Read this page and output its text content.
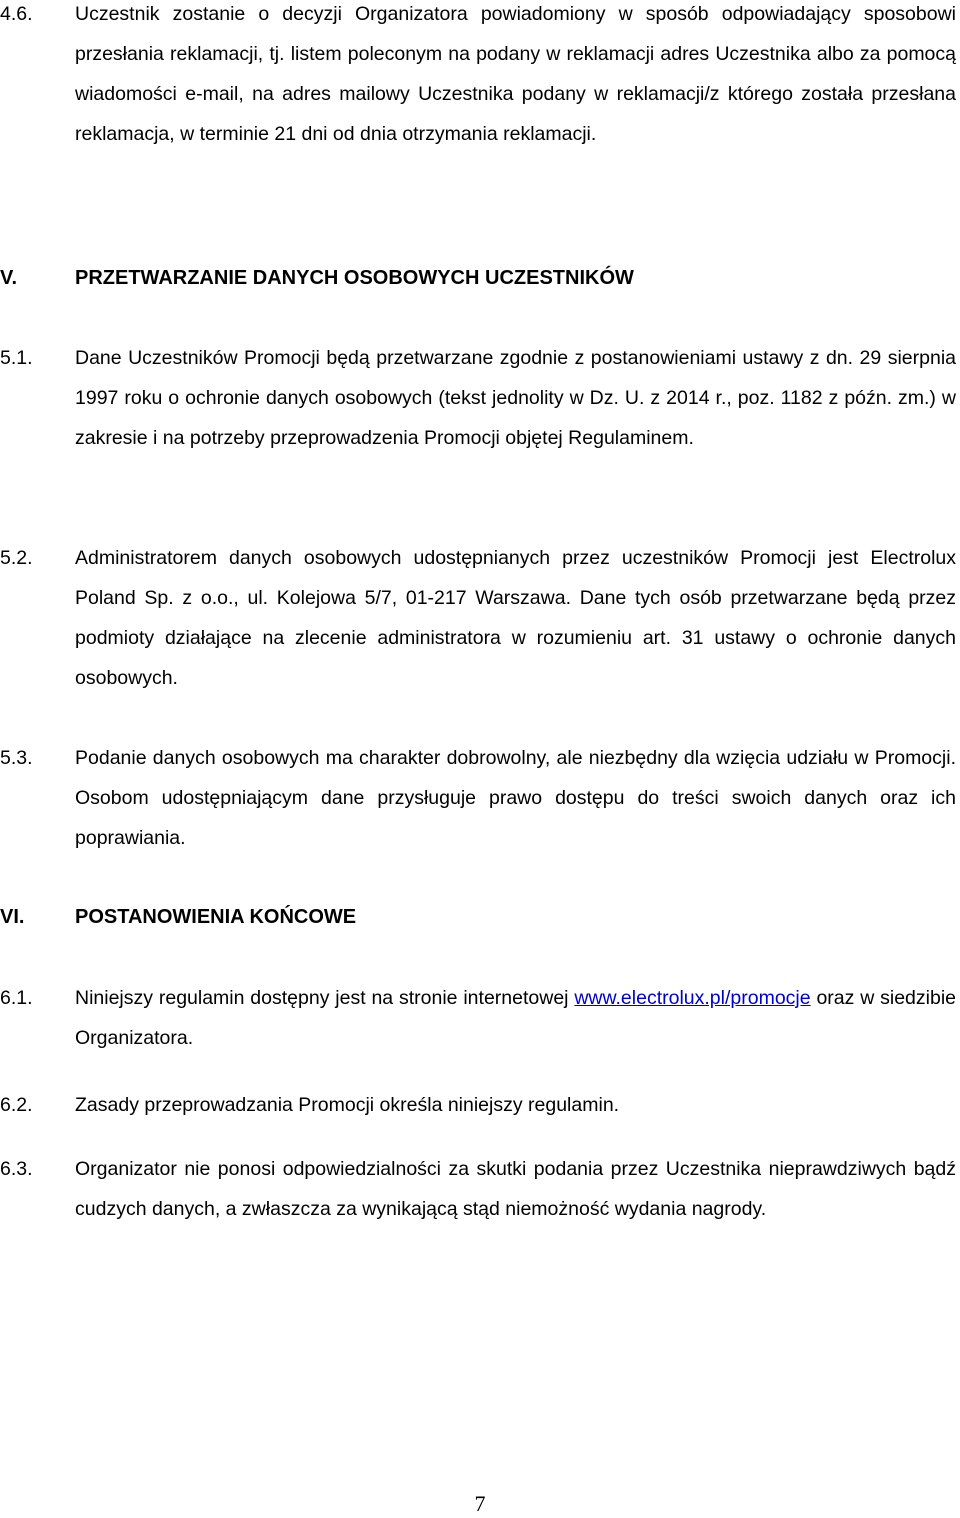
4.6. Uczestnik zostanie o decyzji Organizatora powiadomiony w sposób odpowiadający sposobowi przesłania reklamacji, tj. listem poleconym na podany w reklamacji adres Uczestnika albo za pomocą wiadomości e-mail, na adres mailowy Uczestnika podany w reklamacji/z którego została przesłana reklamacja, w terminie 21 dni od dnia otrzymania reklamacji.
V.	PRZETWARZANIE DANYCH OSOBOWYCH UCZESTNIKÓW
5.1. Dane Uczestników Promocji będą przetwarzane zgodnie z postanowieniami ustawy z dn. 29 sierpnia 1997 roku o ochronie danych osobowych (tekst jednolity w Dz. U. z 2014 r., poz. 1182 z późn. zm.) w zakresie i na potrzeby przeprowadzenia Promocji objętej Regulaminem.
5.2. Administratorem danych osobowych udostępnianych przez uczestników Promocji jest Electrolux Poland Sp. z o.o., ul. Kolejowa 5/7, 01-217 Warszawa. Dane tych osób przetwarzane będą przez podmioty działające na zlecenie administratora w rozumieniu art. 31 ustawy o ochronie danych osobowych.
5.3. Podanie danych osobowych ma charakter dobrowolny, ale niezbędny dla wzięcia udziału w Promocji. Osobom udostępniającym dane przysługuje prawo dostępu do treści swoich danych oraz ich poprawiania.
VI.	POSTANOWIENIA KOŃCOWE
6.1. Niniejszy regulamin dostępny jest na stronie internetowej www.electrolux.pl/promocje oraz w siedzibie Organizatora.
6.2. Zasady przeprowadzania Promocji określa niniejszy regulamin.
6.3. Organizator nie ponosi odpowiedzialności za skutki podania przez Uczestnika nieprawdziwych bądź cudzych danych, a zwłaszcza za wynikającą stąd niemożność wydania nagrody.
7
